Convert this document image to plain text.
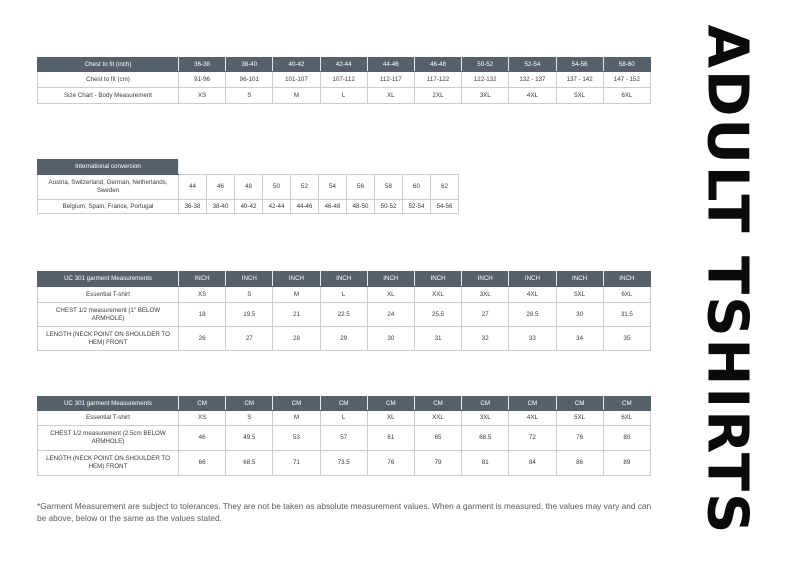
ADULT TSHIRTS
Chest to fit (inch)	36-38	38-40	40-42	42-44	44-46	46-48	50-52	52-54	54-56	58-60
Chest to fit (cm)	91-96	96-101	101-107	107-112	112-117	117-122	122-132	132 - 137	137 - 142	147 - 152
Size Chart - Body Measurement	XS	S	M	L	XL	2XL	3XL	4XL	5XL	6XL
International conversion										
Austria, Switzerland, German, Netherlands, Sweden	44	46	48	50	52	54	56	58	60	62
Belgium, Spain, France, Portugal	36-38	38-40	40-42	42-44	44-46	46-48	48-50	50-52	52-54	54-56
UC 301 garment Measurements	INCH	INCH	INCH	INCH	INCH	INCH	INCH	INCH	INCH	INCH
Essential T-shirt	XS	S	M	L	XL	XXL	3XL	4XL	5XL	6XL
CHEST 1/2 measurement (1" BELOW ARMHOLE)	18	19.5	21	22.5	24	25.5	27	28.5	30	31.5
LENGTH (NECK POINT ON SHOULDER TO HEM) FRONT	26	27	28	29	30	31	32	33	34	35
UC 301 garment Measurements	CM	CM	CM	CM	CM	CM	CM	CM	CM	CM
Essential T-shirt	XS	S	M	L	XL	XXL	3XL	4XL	5XL	6XL
CHEST 1/2 measurement (2.5cm BELOW ARMHOLE)	46	49.5	53	57	61	65	68.5	72	76	80
LENGTH (NECK POINT ON SHOULDER TO HEM) FRONT	66	68.5	71	73.5	76	79	81	84	86	89
*Garment Measurement are subject to tolerances. They are not be taken as absolute measurement values. When a garment is measured, the values may vary and can be above, below or the same as the values stated.
